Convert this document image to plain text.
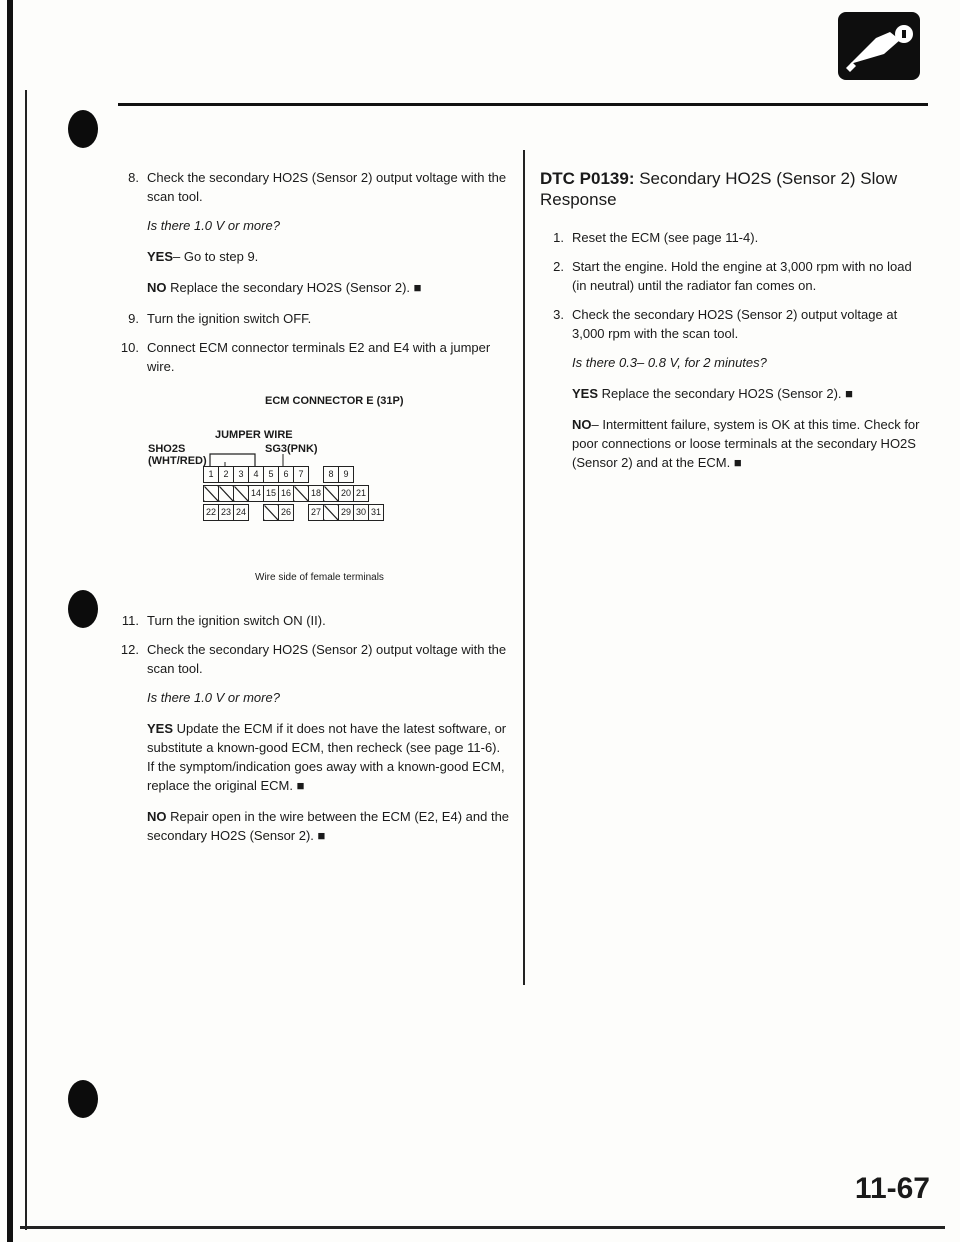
8. Check the secondary HO2S (Sensor 2) output voltage with the scan tool.

Is there 1.0 V or more?
YES– Go to step 9.
NO Replace the secondary HO2S (Sensor 2). ■
9. Turn the ignition switch OFF.

10. Connect ECM connector terminals E2 and E4 with a jumper wire.

ECM CONNECTOR E (31P)
JUMPER WIRE
SHO2S
(WHT/RED)
SG3(PNK)
1	2	3	4	5	6	7		8	9
			14	15	16		18		20	21
22	23	24			26		27		29	30	31
Wire side of female terminals
11. Turn the ignition switch ON (II).

12. Check the secondary HO2S (Sensor 2) output voltage with the scan tool.

Is there 1.0 V or more?
YES Update the ECM if it does not have the latest software, or substitute a known-good ECM, then recheck (see page 11-6). If the symptom/indication goes away with a known-good ECM, replace the original ECM. ■
NO Repair open in the wire between the ECM (E2, E4) and the secondary HO2S (Sensor 2). ■
DTC P0139: Secondary HO2S (Sensor 2) Slow Response
1. Reset the ECM (see page 11-4).

2. Start the engine. Hold the engine at 3,000 rpm with no load (in neutral) until the radiator fan comes on.

3. Check the secondary HO2S (Sensor 2) output voltage at 3,000 rpm with the scan tool.

Is there 0.3– 0.8 V, for 2 minutes?
YES Replace the secondary HO2S (Sensor 2). ■
NO– Intermittent failure, system is OK at this time. Check for poor connections or loose terminals at the secondary HO2S (Sensor 2) and at the ECM. ■
11-67
